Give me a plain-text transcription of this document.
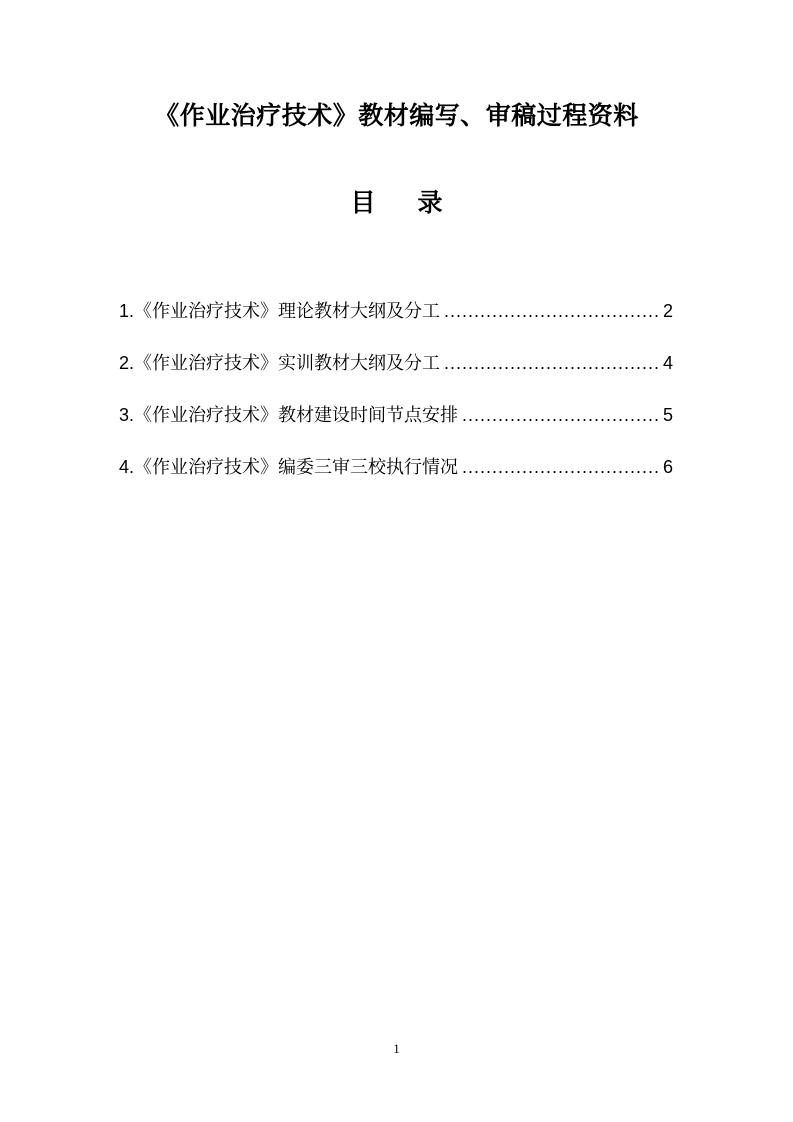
《作业治疗技术》教材编写、审稿过程资料
目 录
1. 《作业治疗技术》理论教材大纲及分工 .....	2
2. 《作业治疗技术》实训教材大纲及分工 .....	4
3. 《作业治疗技术》教材建设时间节点安排 .....	5
4. 《作业治疗技术》编委三审三校执行情况 .....	6
1
